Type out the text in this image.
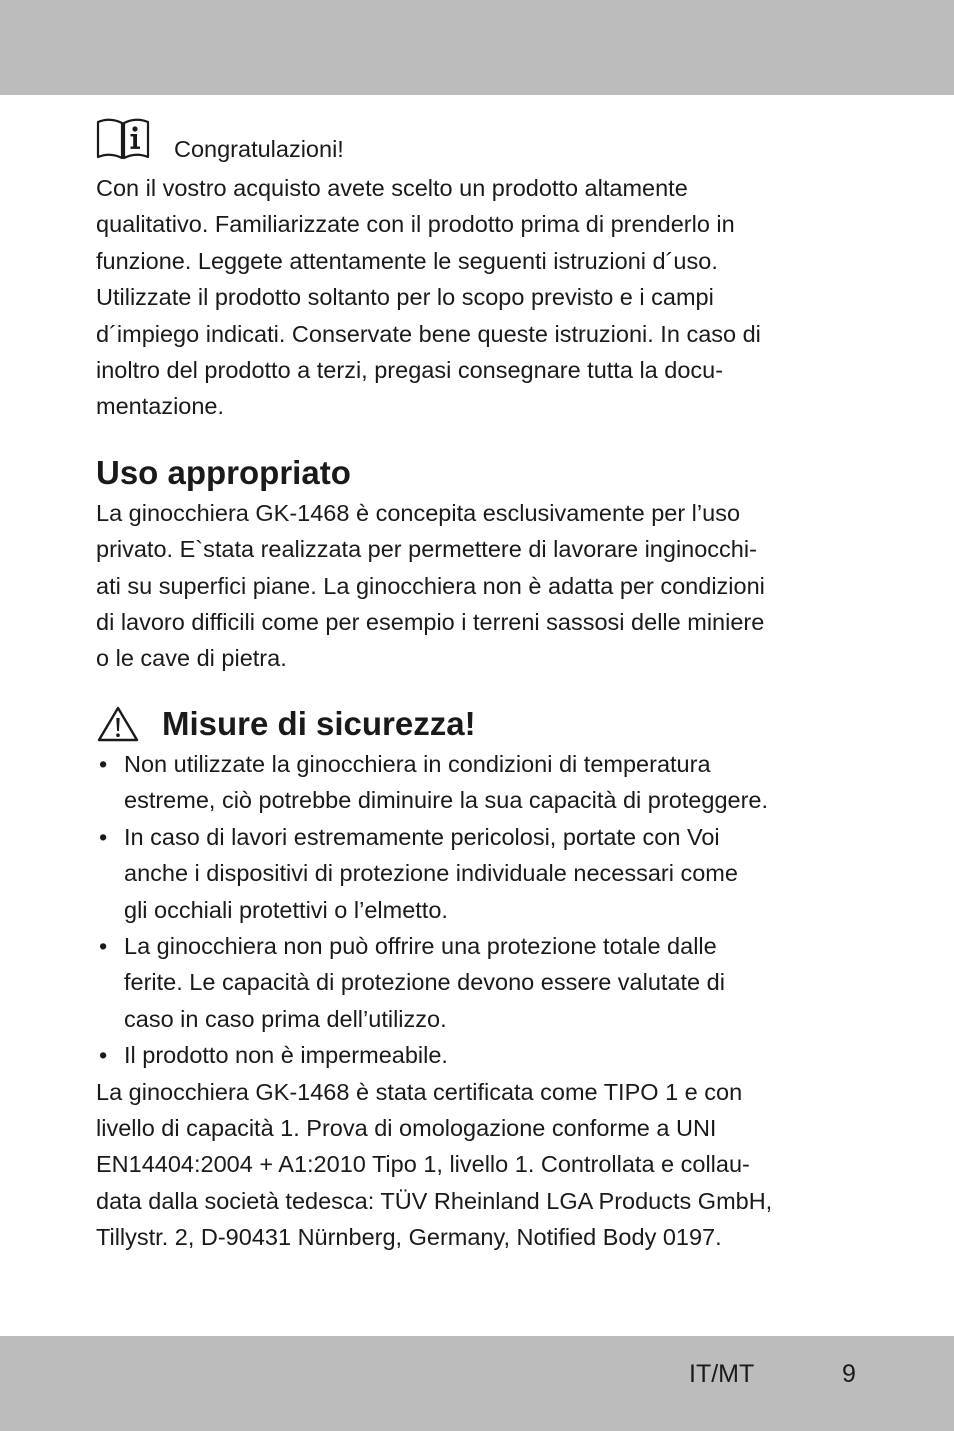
Congratulazioni!

Con il vostro acquisto avete scelto un prodotto altamente
qualitativo. Familiarizzate con il prodotto prima di prenderlo in
funzione. Leggete attentamente le seguenti istruzioni d´uso.
Utilizzate il prodotto soltanto per lo scopo previsto e i campi
d´impiego indicati. Conservate bene queste istruzioni. In caso di
inoltro del prodotto a terzi, pregasi consegnare tutta la docu-
mentazione.

Uso appropriato

La ginocchiera GK-1468 è concepita esclusivamente per l’uso
privato. E`stata realizzata per permettere di lavorare inginocchi-
ati su superfici piane. La ginocchiera non è adatta per condizioni
di lavoro difficili come per esempio i terreni sassosi delle miniere
o le cave di pietra.

Misure di sicurezza!
• Non utilizzate la ginocchiera in condizioni di temperatura
estreme, ciò potrebbe diminuire la sua capacità di proteggere.
• In caso di lavori estremamente pericolosi, portate con Voi
anche i dispositivi di protezione individuale necessari come
gli occhiali protettivi o l’elmetto.
• La ginocchiera non può offrire una protezione totale dalle
ferite. Le capacità di protezione devono essere valutate di
caso in caso prima dell’utilizzo.
• Il prodotto non è impermeabile.

La ginocchiera GK-1468 è stata certificata come TIPO 1 e con
livello di capacità 1. Prova di omologazione conforme a UNI
EN14404:2004 + A1:2010 Tipo 1, livello 1. Controllata e collau-
data dalla società tedesca: TÜV Rheinland LGA Products GmbH,
Tillystr. 2, D-90431 Nürnberg, Germany, Notified Body 0197.

IT/MT	9
